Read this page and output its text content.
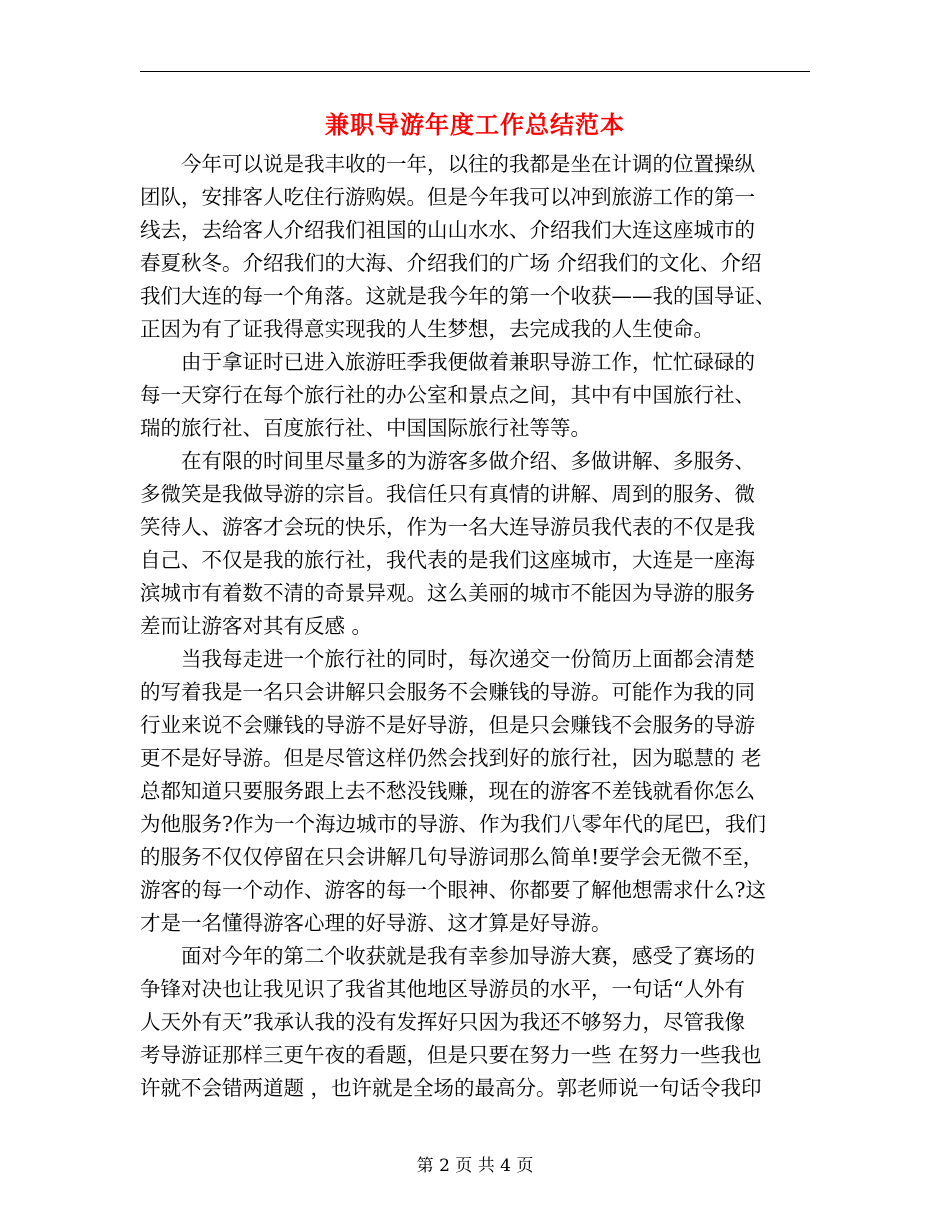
兼职导游年度工作总结范本
今年可以说是我丰收的一年，以往的我都是坐在计调的位置操纵
团队，安排客人吃住行游购娱。但是今年我可以冲到旅游工作的第一
线去，去给客人介绍我们祖国的山山水水、介绍我们大连这座城市的
春夏秋冬。介绍我们的大海、介绍我们的广场 介绍我们的文化、介绍
我们大连的每一个角落。这就是我今年的第一个收获——我的国导证、
正因为有了证我得意实现我的人生梦想，去完成我的人生使命。
由于拿证时已进入旅游旺季我便做着兼职导游工作，忙忙碌碌的
每一天穿行在每个旅行社的办公室和景点之间，其中有中国旅行社、
瑞的旅行社、百度旅行社、中国国际旅行社等等。
在有限的时间里尽量多的为游客多做介绍、多做讲解、多服务、
多微笑是我做导游的宗旨。我信任只有真情的讲解、周到的服务、微
笑待人、游客才会玩的快乐，作为一名大连导游员我代表的不仅是我
自己、不仅是我的旅行社，我代表的是我们这座城市，大连是一座海
滨城市有着数不清的奇景异观。这么美丽的城市不能因为导游的服务
差而让游客对其有反感 。
当我每走进一个旅行社的同时，每次递交一份简历上面都会清楚
的写着我是一名只会讲解只会服务不会赚钱的导游。可能作为我的同
行业来说不会赚钱的导游不是好导游，但是只会赚钱不会服务的导游
更不是好导游。但是尽管这样仍然会找到好的旅行社，因为聪慧的 老
总都知道只要服务跟上去不愁没钱赚，现在的游客不差钱就看你怎么
为他服务?作为一个海边城市的导游、作为我们八零年代的尾巴，我们
的服务不仅仅停留在只会讲解几句导游词那么简单!要学会无微不至，
游客的每一个动作、游客的每一个眼神、你都要了解他想需求什么?这
才是一名懂得游客心理的好导游、这才算是好导游。
面对今年的第二个收获就是我有幸参加导游大赛，感受了赛场的
争锋对决也让我见识了我省其他地区导游员的水平，一句话“人外有
人天外有天”我承认我的没有发挥好只因为我还不够努力，尽管我像
考导游证那样三更午夜的看题，但是只要在努力一些 在努力一些我也
许就不会错两道题 ，也许就是全场的最高分。郭老师说一句话令我印
第 2 页 共 4 页
